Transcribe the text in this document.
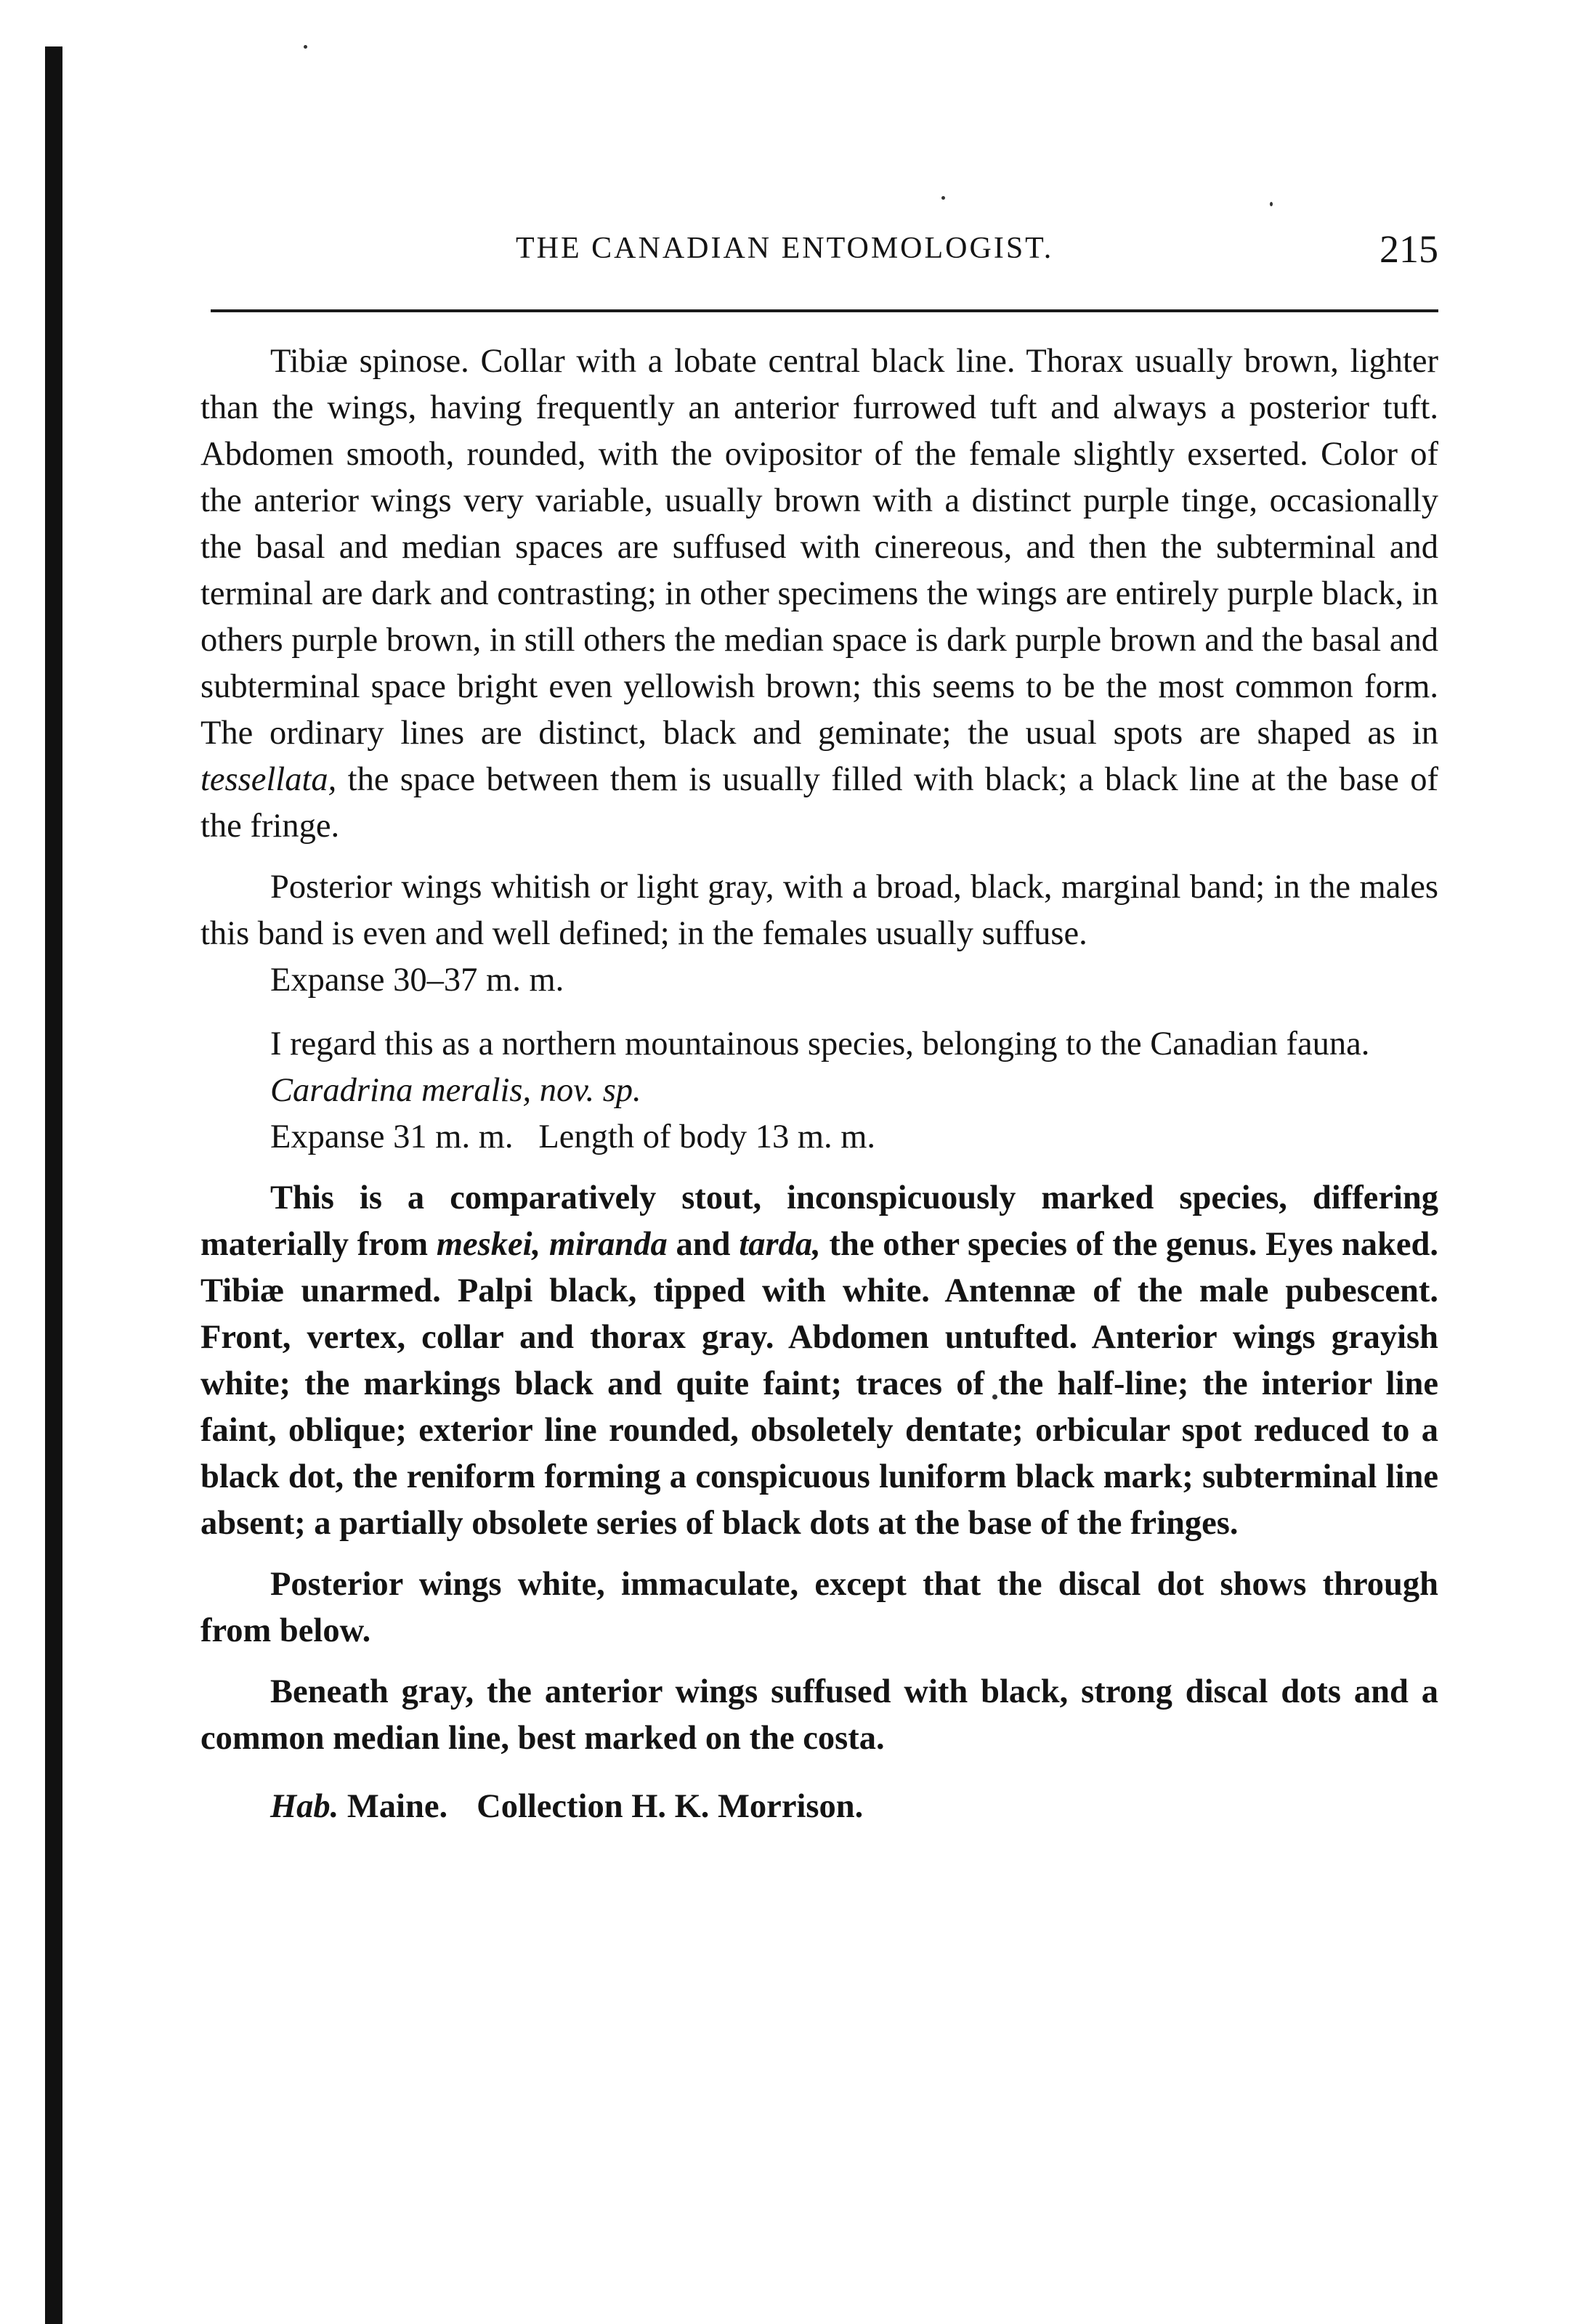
THE CANADIAN ENTOMOLOGIST.	215

Tibiæ spinose. Collar with a lobate central black line. Thorax usually brown, lighter than the wings, having frequently an anterior furrowed tuft and always a posterior tuft. Abdomen smooth, rounded, with the ovipositor of the female slightly exserted. Color of the anterior wings very variable, usually brown with a distinct purple tinge, occasionally the basal and median spaces are suffused with cinereous, and then the subterminal and terminal are dark and contrasting; in other specimens the wings are entirely purple black, in others purple brown, in still others the median space is dark purple brown and the basal and subterminal space bright even yellowish brown; this seems to be the most common form. The ordinary lines are distinct, black and geminate; the usual spots are shaped as in tessellata, the space between them is usually filled with black; a black line at the base of the fringe.

Posterior wings whitish or light gray, with a broad, black, marginal band; in the males this band is even and well defined; in the females usually suffuse.

Expanse 30–37 m. m.

I regard this as a northern mountainous species, belonging to the Canadian fauna.

Caradrina meralis, nov. sp.

Expanse 31 m. m.   Length of body 13 m. m.

This is a comparatively stout, inconspicuously marked species, differing materially from meskei, miranda and tarda, the other species of the genus. Eyes naked. Tibiæ unarmed. Palpi black, tipped with white. Antennæ of the male pubescent. Front, vertex, collar and thorax gray. Abdomen untufted. Anterior wings grayish white; the markings black and quite faint; traces of the half-line; the interior line faint, oblique; exterior line rounded, obsoletely dentate; orbicular spot reduced to a black dot, the reniform forming a conspicuous luniform black mark; subterminal line absent; a partially obsolete series of black dots at the base of the fringes.

Posterior wings white, immaculate, except that the discal dot shows through from below.

Beneath gray, the anterior wings suffused with black, strong discal dots and a common median line, best marked on the costa.

Hab. Maine. Collection H. K. Morrison.
